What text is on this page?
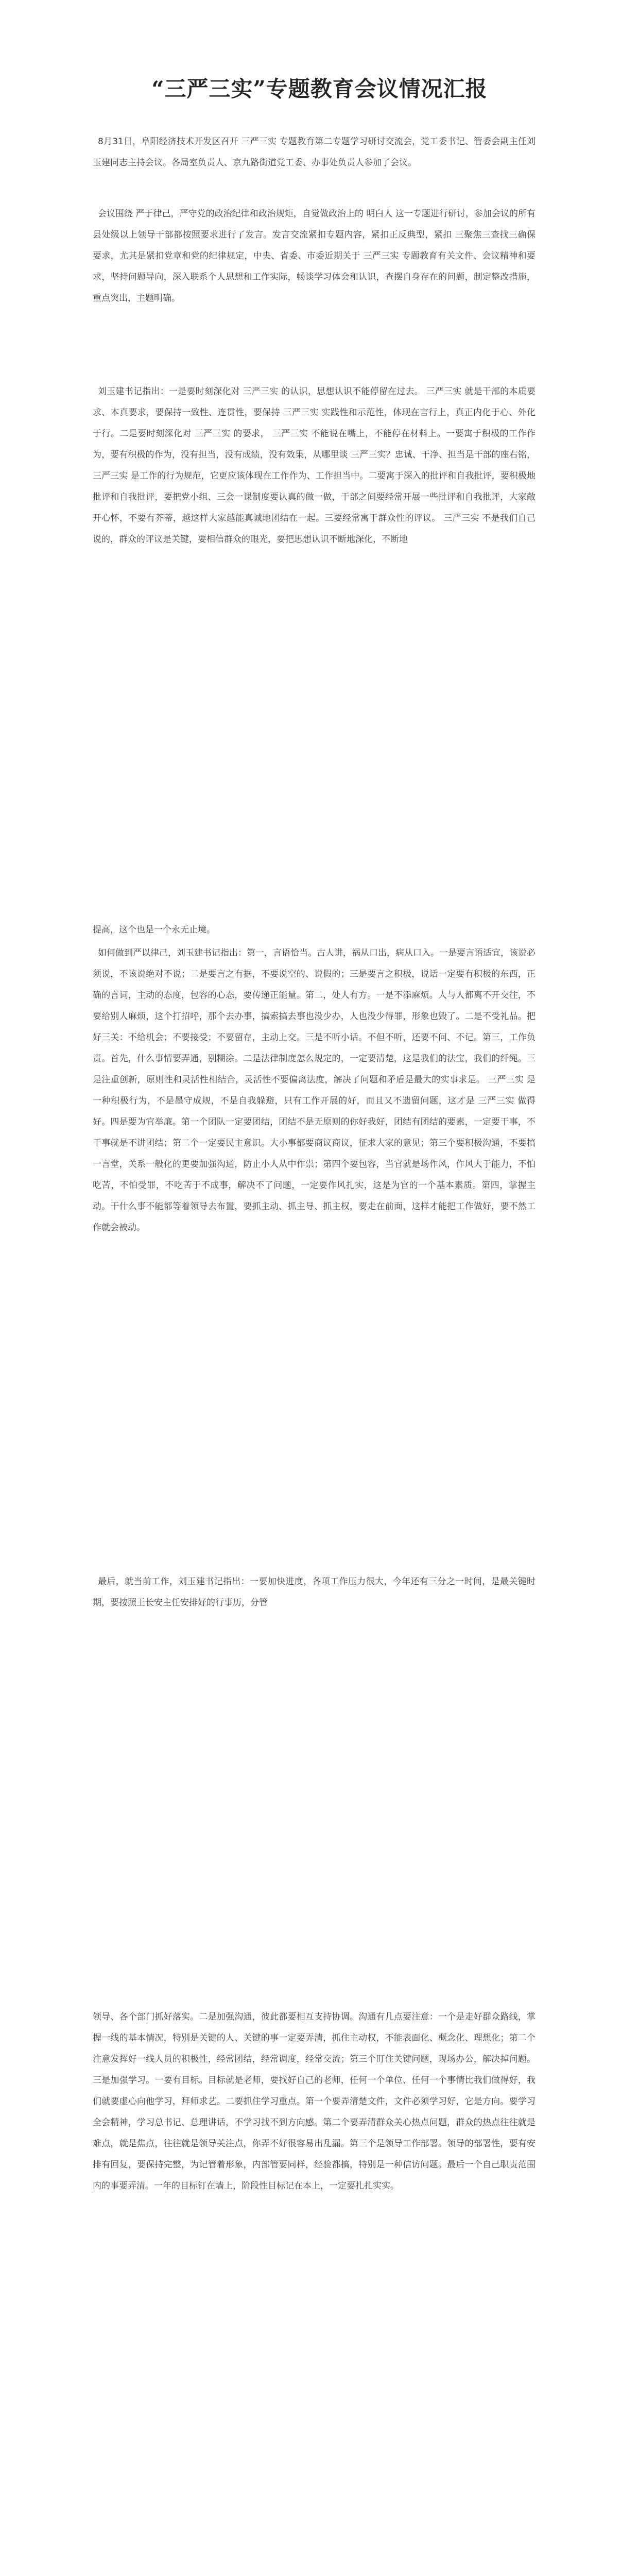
“三严三实”专题教育会议情况汇报

8月31日，阜阳经济技术开发区召开 三严三实 专题教育第二专题学习研讨交流会，党工委书记、管委会副主任刘玉建同志主持会议。各局室负责人、京九路街道党工委、办事处负责人参加了会议。

会议围绕 严于律己，严守党的政治纪律和政治规矩，自觉做政治上的 明白人 这一专题进行研讨，参加会议的所有县处级以上领导干部都按照要求进行了发言。发言交流紧扣专题内容，紧扣正反典型，紧扣 三聚焦三查找三确保 要求，尤其是紧扣党章和党的纪律规定，中央、省委、市委近期关于 三严三实 专题教育有关文件、会议精神和要求，坚持问题导向，深入联系个人思想和工作实际，畅谈学习体会和认识，查摆自身存在的问题，制定整改措施，重点突出，主题明确。

刘玉建书记指出：一是要时刻深化对 三严三实 的认识，思想认识不能停留在过去。 三严三实 就是干部的本质要求、本真要求，要保持一致性、连贯性，要保持 三严三实 实践性和示范性，体现在言行上，真正内化于心、外化于行。二是要时刻深化对 三严三实 的要求， 三严三实 不能说在嘴上，不能停在材料上。一要寓于积极的工作作为，要有积极的作为，没有担当，没有成绩，没有效果，从哪里谈 三严三实？忠诚、干净、担当是干部的座右铭， 三严三实 是工作的行为规范，它更应该体现在工作作为、工作担当中。二要寓于深入的批评和自我批评，要积极地批评和自我批评，要把党小组、三会一课制度要认真的做一做，干部之间要经常开展一些批评和自我批评，大家敞开心怀，不要有芥蒂，越这样大家越能真诚地团结在一起。三要经常寓于群众性的评议。 三严三实 不是我们自己说的，群众的评议是关键，要相信群众的眼光，要把思想认识不断地深化，不断地

提高，这个也是一个永无止境。

如何做到严以律己，刘玉建书记指出：第一，言语恰当。古人讲，祸从口出，病从口入。一是要言语适宜，该说必须说，不该说绝对不说；二是要言之有据，不要说空的、说假的；三是要言之积极，说话一定要有积极的东西，正确的言词，主动的态度，包容的心态，要传递正能量。第二，处人有方。一是不添麻烦。人与人都离不开交往，不要给别人麻烦，这个打招呼，那个去办事，搞索搞去事也没少办，人也没少得罪，形象也毁了。二是不受礼品。把好三关：不给机会；不要接受；不要留存，主动上交。三是不听小话。不但不听，还要不问、不记。第三，工作负责。首先，什么事情要弄通，别糊涂。二是法律制度怎么规定的，一定要清楚，这是我们的法宝，我们的纤绳。三是注重创新，原则性和灵活性相结合，灵活性不要偏离法度，解决了问题和矛盾是最大的实事求是。 三严三实 是一种积极行为，不是墨守成规，不是自我躲避，只有工作开展的好，而且又不遗留问题，这才是 三严三实 做得好。四是要为官举廉。第一个团队一定要团结，团结不是无原则的你好我好，团结有团结的要素，一定要干事，不干事就是不讲团结；第二个一定要民主意识。大小事都要商议商议，征求大家的意见；第三个要积极沟通，不要搞一言堂，关系一般化的更要加强沟通，防止小人从中作祟；第四个要包容，当官就是场作风，作风大于能力，不怕吃苦，不怕受罪，不吃苦于不成事，解决不了问题，一定要作风扎实，这是为官的一个基本素质。第四，掌握主动。干什么事不能都等着领导去布置，要抓主动、抓主导、抓主权，要走在前面，这样才能把工作做好，要不然工作就会被动。

最后，就当前工作，刘玉建书记指出：一要加快进度，各项工作压力很大，今年还有三分之一时间，是最关键时期，要按照王长安主任安排好的行事历，分管

领导、各个部门抓好落实。二是加强沟通，彼此都要相互支持协调。沟通有几点要注意：一个是走好群众路线，掌握一线的基本情况，特别是关键的人、关键的事一定要弄清，抓住主动权，不能表面化、概念化、理想化；第二个注意发挥好一线人员的积极性，经常团结，经常调度，经常交流；第三个盯住关键问题，现场办公，解决掉问题。三是加强学习。一要有目标。目标就是老师，要找好自己的老师，任何一个单位、任何一个事情比我们做得好，我们就要虚心向他学习，拜师求艺。二要抓住学习重点。第一个要弄清楚文件，文件必须学习好，它是方向。要学习全会精神，学习总书记、总理讲话，不学习找不到方向感。第二个要弄清群众关心热点问题，群众的热点往往就是难点，就是焦点，往往就是领导关注点，你弄不好很容易出乱漏。第三个是领导工作部署。领导的部署性，要有安排有回复，要保持完整，为记管着形象，内部管要同样，经验都搞，特别是一种信访问题。最后一个自己职责范围内的事要弄清。一年的目标钉在墙上，阶段性目标记在本上，一定要扎扎实实。
